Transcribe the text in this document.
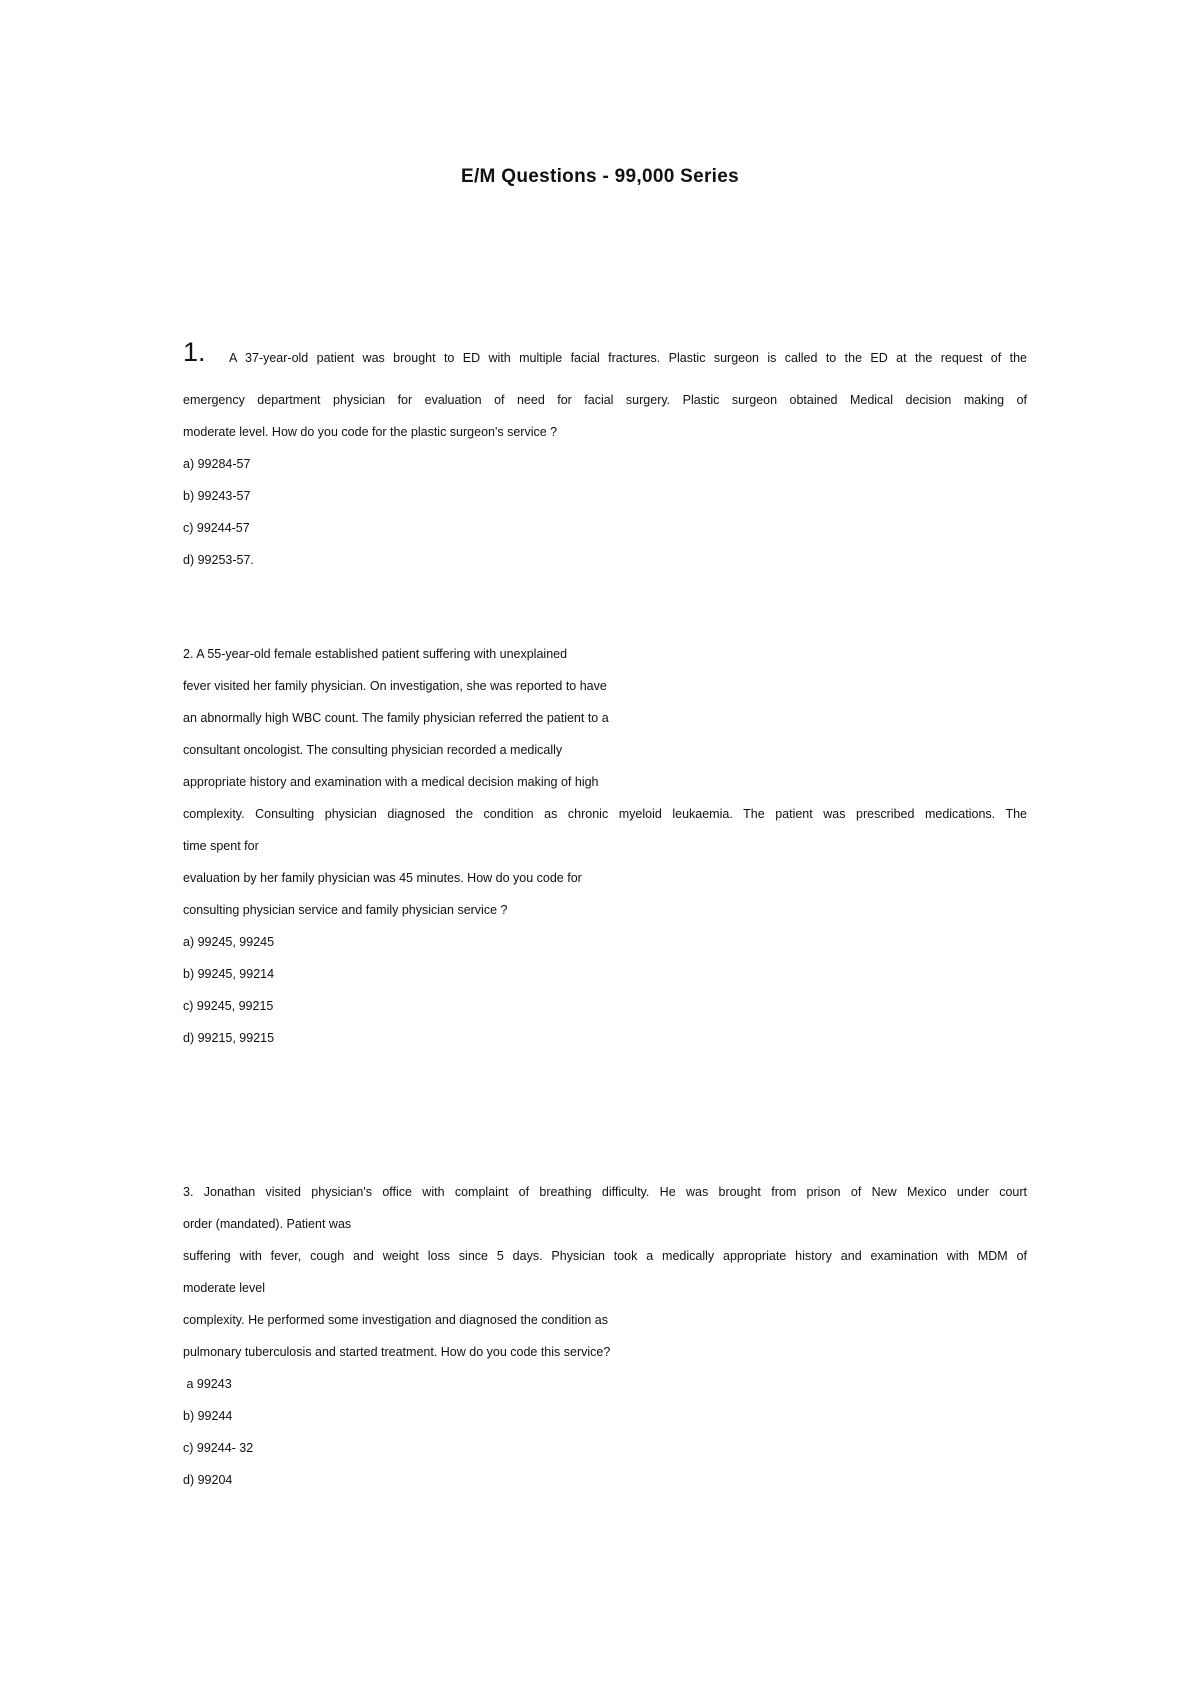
E/M Questions - 99,000 Series
1.	A 37-year-old patient was brought to ED with multiple facial fractures. Plastic surgeon is called to the ED at the request of the
emergency department physician for evaluation of need for facial surgery. Plastic surgeon obtained Medical decision making of
moderate level. How do you code for the plastic surgeon's service ?
a) 99284-57
b) 99243-57
c) 99244-57
d) 99253-57.
2. A 55-year-old female established patient suffering with unexplained
fever visited her family physician. On investigation, she was reported to have
an abnormally high WBC count. The family physician referred the patient to a
consultant oncologist. The consulting physician recorded a medically
appropriate history and examination with a medical decision making of high
complexity. Consulting physician diagnosed the condition as chronic myeloid leukaemia. The patient was prescribed medications. The
time spent for
evaluation by her family physician was 45 minutes. How do you code for
consulting physician service and family physician service ?
a) 99245, 99245
b) 99245, 99214
c) 99245, 99215
d) 99215, 99215
3. Jonathan visited physician's office with complaint of breathing difficulty. He was brought from prison of New Mexico under court
order (mandated). Patient was
suffering with fever, cough and weight loss since 5 days. Physician took a medically appropriate history and examination with MDM of
moderate level
complexity. He performed some investigation and diagnosed the condition as
pulmonary tuberculosis and started treatment. How do you code this service?
a 99243
b) 99244
c) 99244- 32
d) 99204
